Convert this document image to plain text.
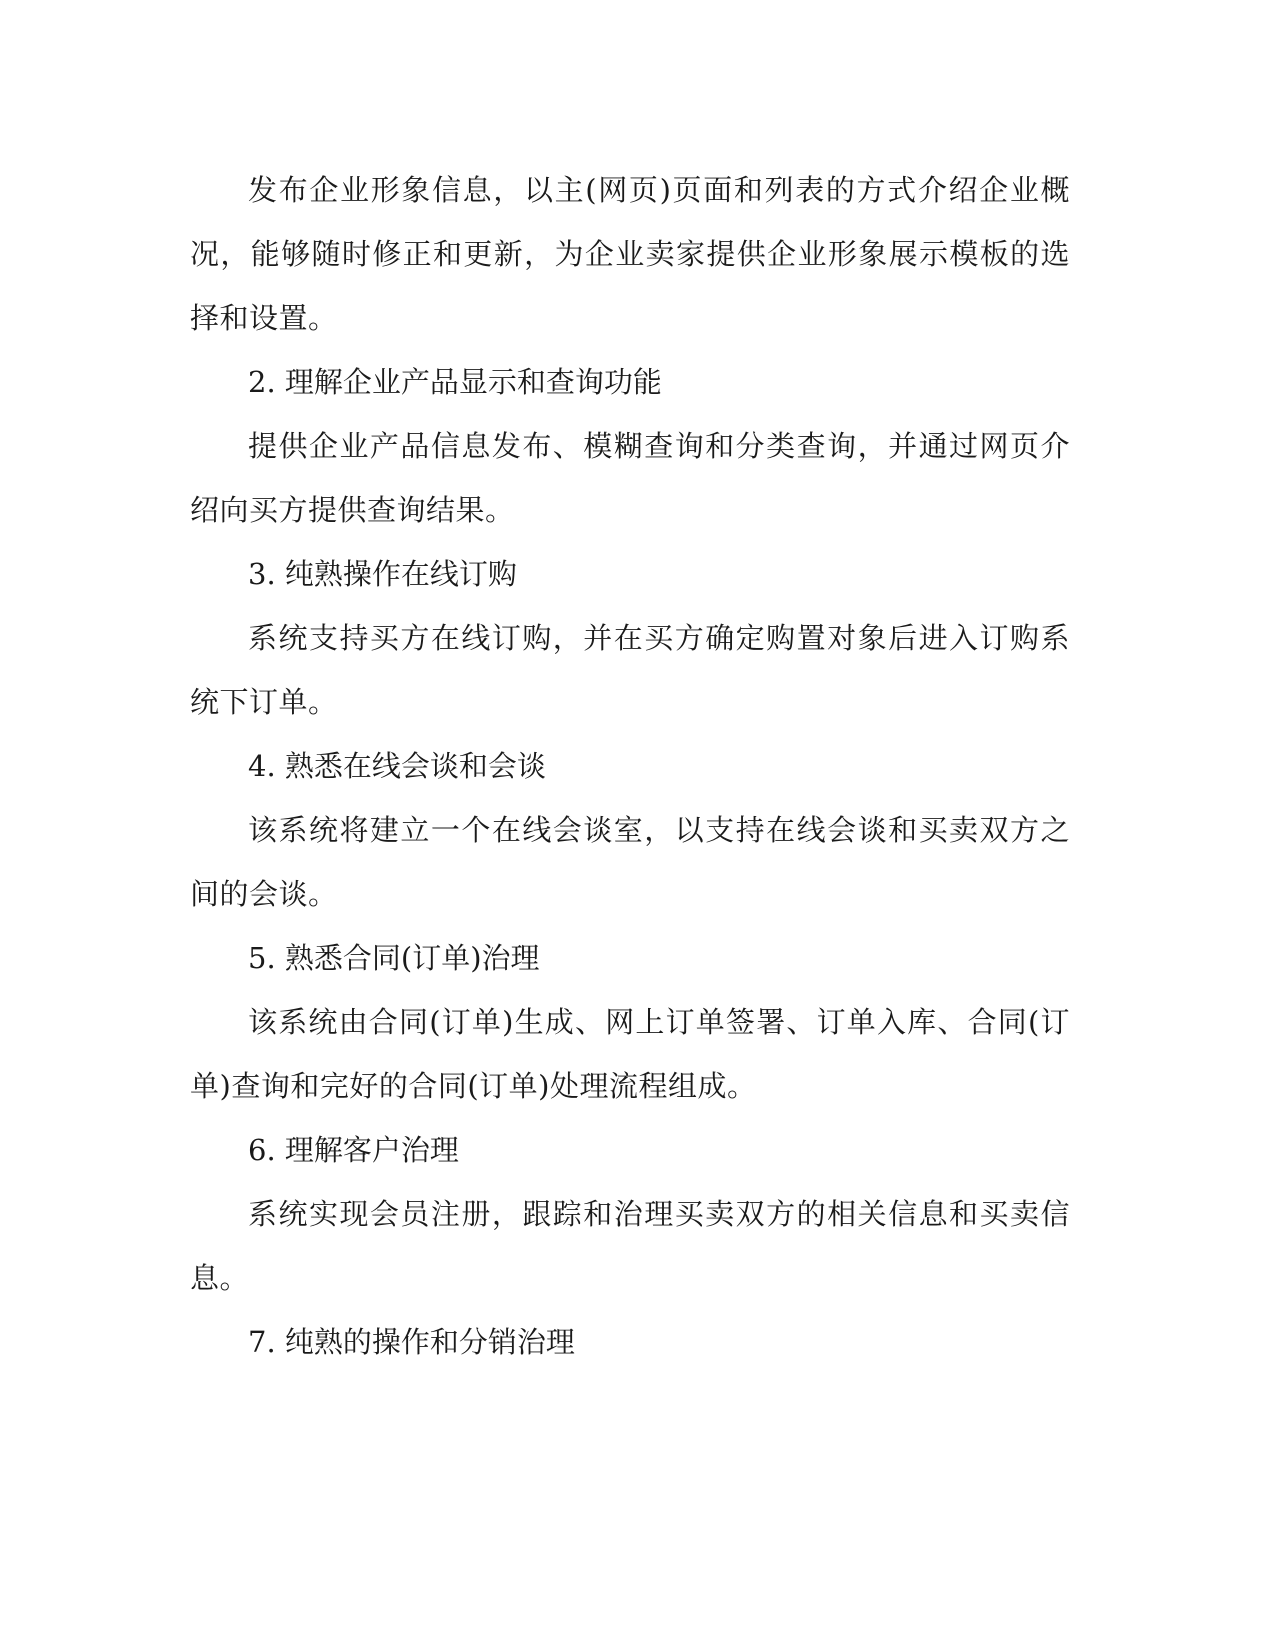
发布企业形象信息，以主(网页)页面和列表的方式介绍企业概况，能够随时修正和更新，为企业卖家提供企业形象展示模板的选择和设置。

2. 理解企业产品显示和查询功能

提供企业产品信息发布、模糊查询和分类查询，并通过网页介绍向买方提供查询结果。

3. 纯熟操作在线订购

系统支持买方在线订购，并在买方确定购置对象后进入订购系统下订单。

4. 熟悉在线会谈和会谈

该系统将建立一个在线会谈室，以支持在线会谈和买卖双方之间的会谈。

5. 熟悉合同(订单)治理

该系统由合同(订单)生成、网上订单签署、订单入库、合同(订单)查询和完好的合同(订单)处理流程组成。

6. 理解客户治理

系统实现会员注册，跟踪和治理买卖双方的相关信息和买卖信息。

7. 纯熟的操作和分销治理
